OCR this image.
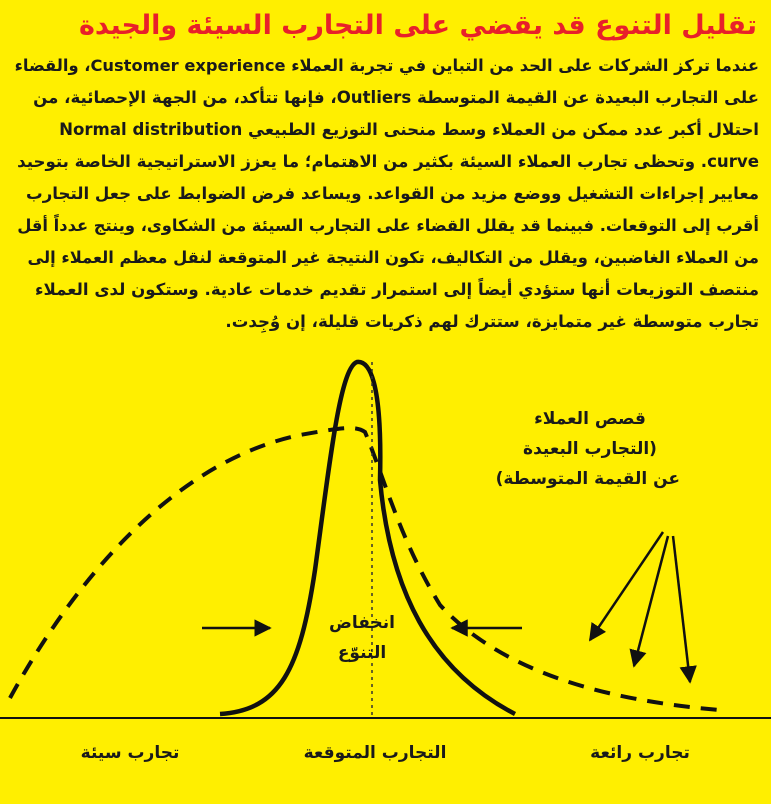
تقليل التنوع قد يقضي على التجارب السيئة والجيدة
عندما تركز الشركات على الحد من التباين في تجربة العملاء Customer experience، والقضاء
على التجارب البعيدة عن القيمة المتوسطة Outliers، فإنها تتأكد، من الجهة الإحصائية، من
احتلال أكبر عدد ممكن من العملاء وسط منحنى التوزيع الطبيعي Normal distribution
curve. وتحظى تجارب العملاء السيئة بكثير من الاهتمام؛ ما يعزز الاستراتيجية الخاصة بتوحيد
معايير إجراءات التشغيل ووضع مزيد من القواعد. ويساعد فرض الضوابط على جعل التجارب
أقرب إلى التوقعات. فبينما قد يقلل القضاء على التجارب السيئة من الشكاوى، وينتج عدداً أقل
من العملاء الغاضبين، ويقلل من التكاليف، تكون النتيجة غير المتوقعة لنقل معظم العملاء إلى
منتصف التوزيعات أنها ستؤدي أيضاً إلى استمرار تقديم خدمات عادية. وستكون لدى العملاء
تجارب متوسطة غير متمايزة، ستترك لهم ذكريات قليلة، إن وُجِدت.
قصص العملاء
(التجارب البعيدة
عن القيمة المتوسطة)
انخفاض
التنوّع
تجارب سيئة	التجارب المتوقعة	تجارب رائعة
